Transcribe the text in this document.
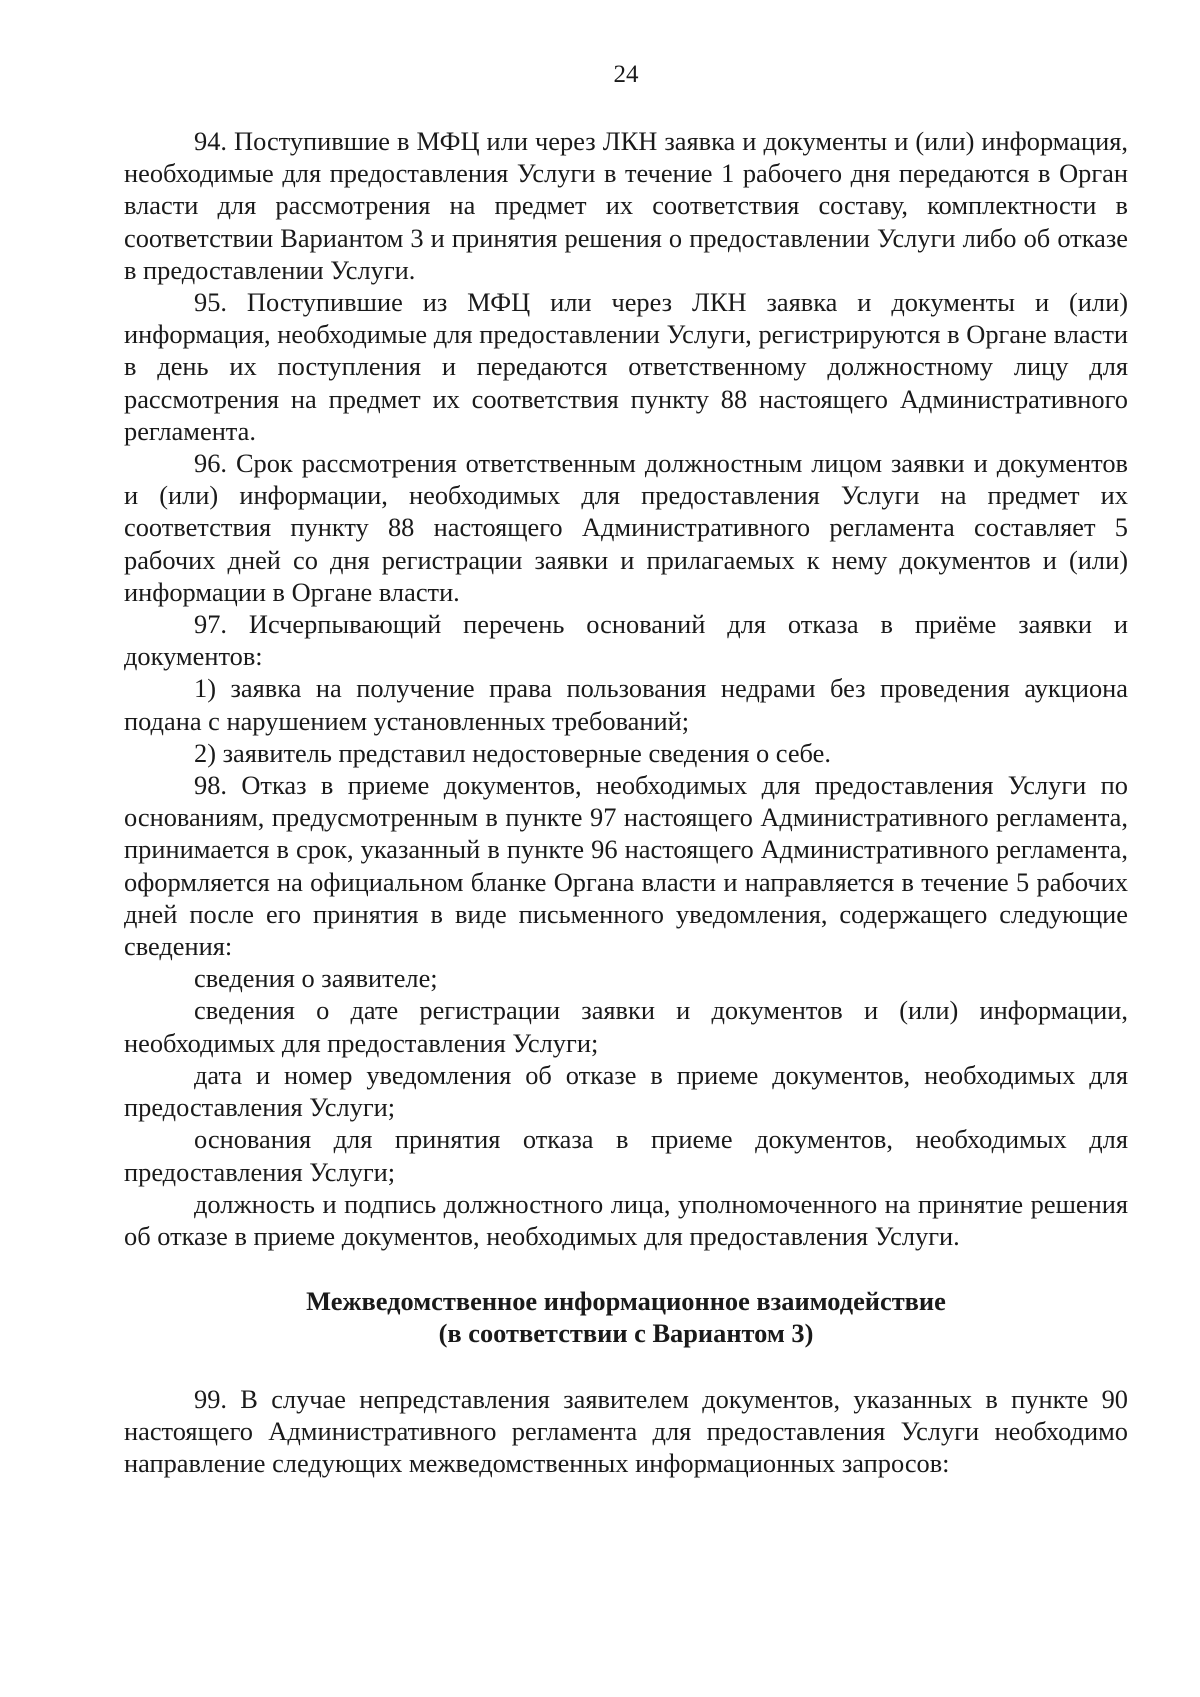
24

94. Поступившие в МФЦ или через ЛКН заявка и документы и (или) информация, необходимые для предоставления Услуги в течение 1 рабочего дня передаются в Орган власти для рассмотрения на предмет их соответствия составу, комплектности в соответствии Вариантом 3 и принятия решения о предоставлении Услуги либо об отказе в предоставлении Услуги.

95. Поступившие из МФЦ или через ЛКН заявка и документы и (или) информация, необходимые для предоставлении Услуги, регистрируются в Органе власти в день их поступления и передаются ответственному должностному лицу для рассмотрения на предмет их соответствия пункту 88 настоящего Административного регламента.

96. Срок рассмотрения ответственным должностным лицом заявки и документов и (или) информации, необходимых для предоставления Услуги на предмет их соответствия пункту 88 настоящего Административного регламента составляет 5 рабочих дней со дня регистрации заявки и прилагаемых к нему документов и (или) информации в Органе власти.

97. Исчерпывающий перечень оснований для отказа в приёме заявки и документов:

1) заявка на получение права пользования недрами без проведения аукциона подана с нарушением установленных требований;

2) заявитель представил недостоверные сведения о себе.

98. Отказ в приеме документов, необходимых для предоставления Услуги по основаниям, предусмотренным в пункте 97 настоящего Административного регламента, принимается в срок, указанный в пункте 96 настоящего Административного регламента, оформляется на официальном бланке Органа власти и направляется в течение 5 рабочих дней после его принятия в виде письменного уведомления, содержащего следующие сведения:

сведения о заявителе;

сведения о дате регистрации заявки и документов и (или) информации, необходимых для предоставления Услуги;

дата и номер уведомления об отказе в приеме документов, необходимых для предоставления Услуги;

основания для принятия отказа в приеме документов, необходимых для предоставления Услуги;

должность и подпись должностного лица, уполномоченного на принятие решения об отказе в приеме документов, необходимых для предоставления Услуги.

Межведомственное информационное взаимодействие
(в соответствии с Вариантом 3)

99. В случае непредставления заявителем документов, указанных в пункте 90 настоящего Административного регламента для предоставления Услуги необходимо направление следующих межведомственных информационных запросов:
